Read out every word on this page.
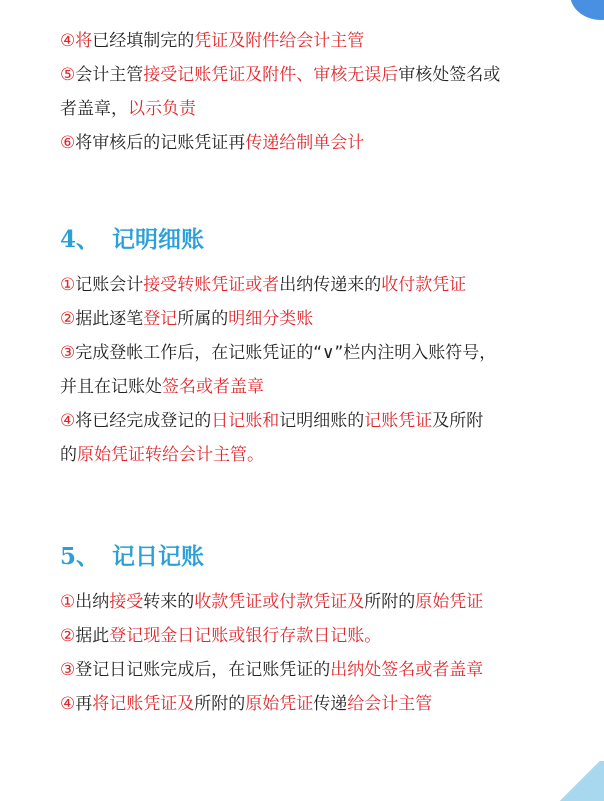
④将已经填制完的凭证及附件给会计主管
⑤会计主管接受记账凭证及附件、审核无误后审核处签名或
者盖章，以示负责
⑥将审核后的记账凭证再传递给制单会计
4、 记明细账
①记账会计接受转账凭证或者出纳传递来的收付款凭证
②据此逐笔登记所属的明细分类账
③完成登帐工作后，在记账凭证的“∨”栏内注明入账符号，
并且在记账处签名或者盖章
④将已经完成登记的日记账和记明细账的记账凭证及所附
的原始凭证转给会计主管。
5、 记日记账
①出纳接受转来的收款凭证或付款凭证及所附的原始凭证
②据此登记现金日记账或银行存款日记账。
③登记日记账完成后，在记账凭证的出纳处签名或者盖章
④再将记账凭证及所附的原始凭证传递给会计主管
